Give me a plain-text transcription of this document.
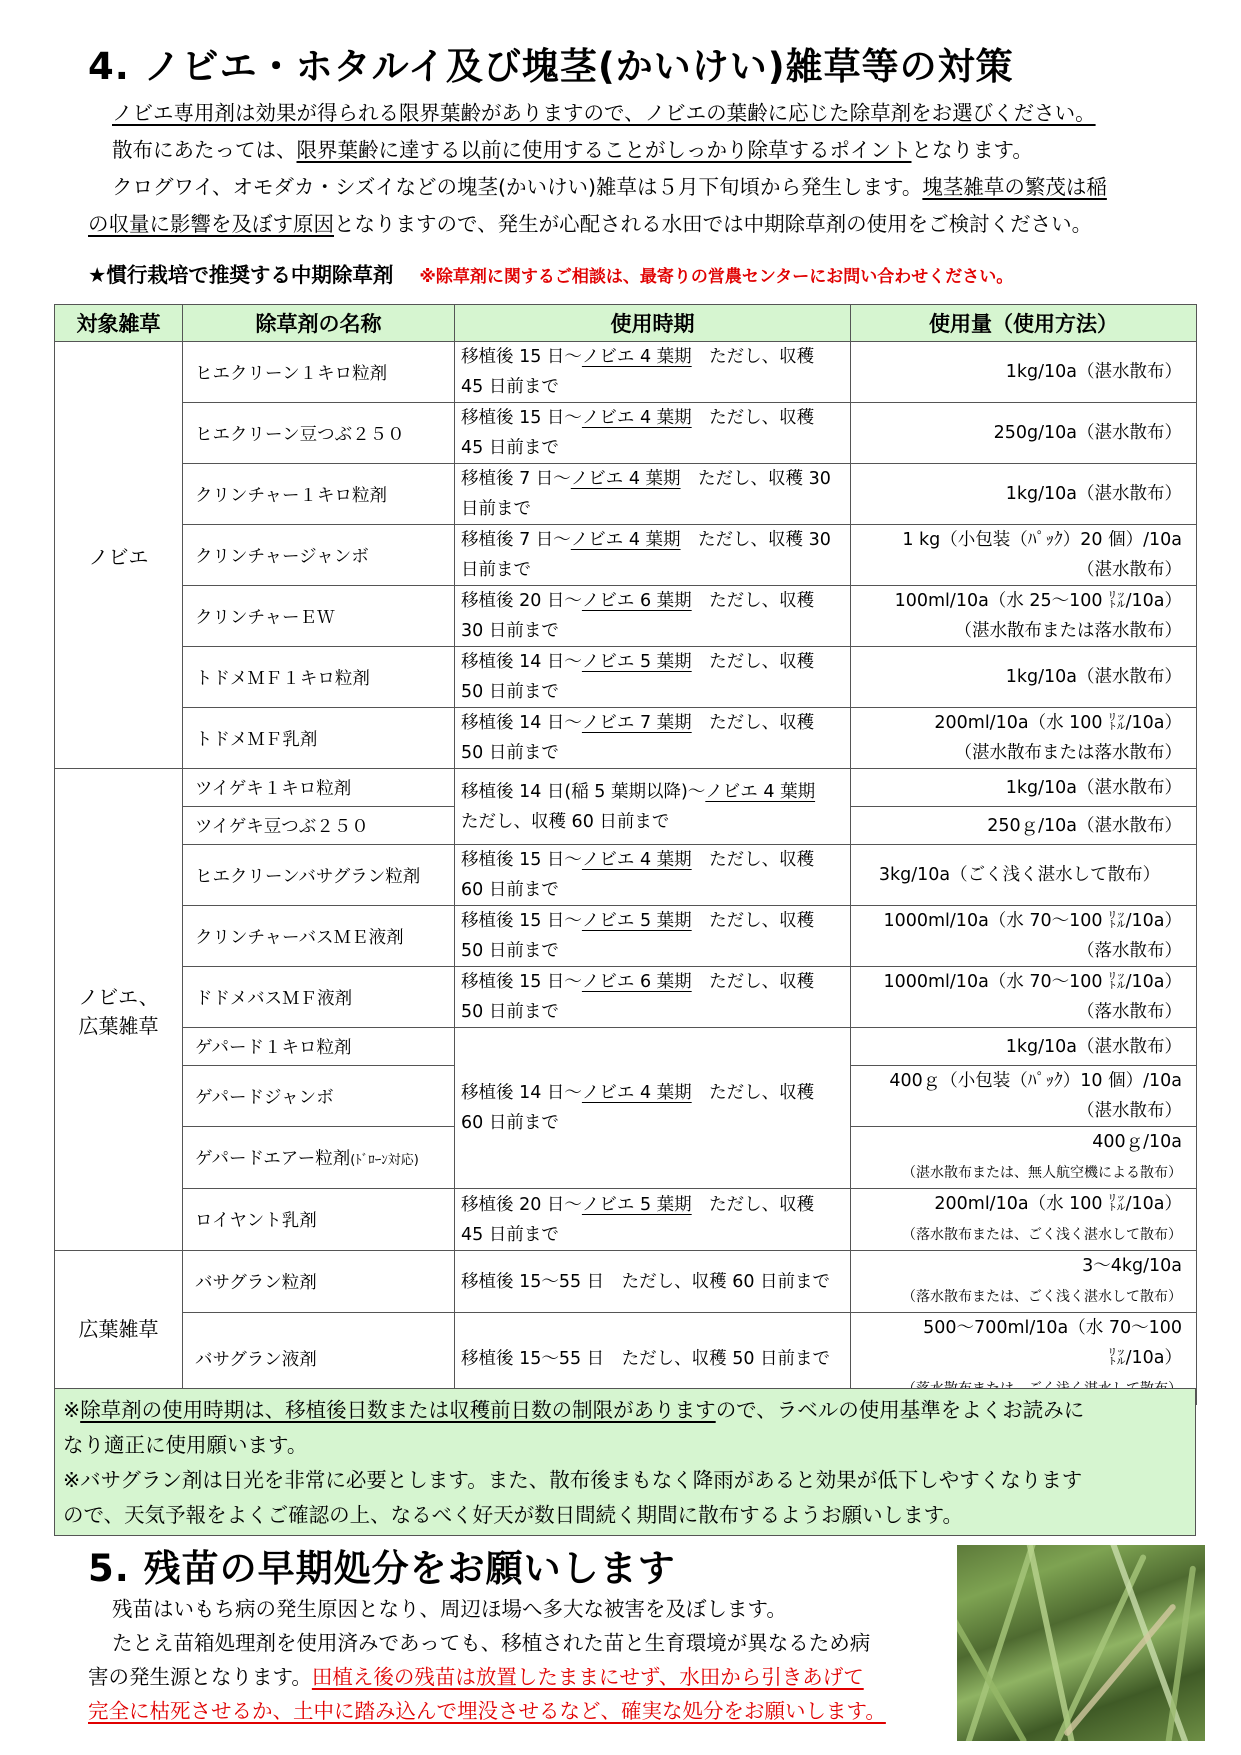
4. ノビエ・ホタルイ及び塊茎(かいけい)雑草等の対策

ノビエ専用剤は効果が得られる限界葉齢がありますので、ノビエの葉齢に応じた除草剤をお選びください。

散布にあたっては、限界葉齢に達する以前に使用することがしっかり除草するポイントとなります。

クログワイ、オモダカ・シズイなどの塊茎(かいけい)雑草は５月下旬頃から発生します。塊茎雑草の繁茂は稲

の収量に影響を及ぼす原因となりますので、発生が心配される水田では中期除草剤の使用をご検討ください。

★慣行栽培で推奨する中期除草剤 ※除草剤に関するご相談は、最寄りの営農センターにお問い合わせください。
対象雑草	除草剤の名称	使用時期	使用量（使用方法）
ノビエ	ヒエクリーン１キロ粒剤	移植後 15 日～ノビエ 4 葉期　ただし、収穫
45 日前まで	1kg/10a（湛水散布）
	ヒエクリーン豆つぶ２５０	移植後 15 日～ノビエ 4 葉期　ただし、収穫
45 日前まで	250g/10a（湛水散布）
	クリンチャー１キロ粒剤	移植後 7 日～ノビエ 4 葉期　ただし、収穫 30
日前まで	1kg/10a（湛水散布）
	クリンチャージャンボ	移植後 7 日～ノビエ 4 葉期　ただし、収穫 30
日前まで	1 kg（小包装（ﾊﾟｯｸ）20 個）/10a
（湛水散布）
	クリンチャーＥＷ	移植後 20 日～ノビエ 6 葉期　ただし、収穫
30 日前まで	100ml/10a（水 25～100 ㍑/10a）
（湛水散布または落水散布）
	トドメＭＦ１キロ粒剤	移植後 14 日～ノビエ 5 葉期　ただし、収穫
50 日前まで	1kg/10a（湛水散布）
	トドメＭＦ乳剤	移植後 14 日～ノビエ 7 葉期　ただし、収穫
50 日前まで	200ml/10a（水 100 ㍑/10a）
（湛水散布または落水散布）
ノビエ、
広葉雑草	ツイゲキ１キロ粒剤	移植後 14 日(稲 5 葉期以降)～ノビエ 4 葉期
ただし、収穫 60 日前まで	1kg/10a（湛水散布）
	ツイゲキ豆つぶ２５０		250ｇ/10a（湛水散布）
	ヒエクリーンバサグラン粒剤	移植後 15 日～ノビエ 4 葉期　ただし、収穫
60 日前まで	3kg/10a（ごく浅く湛水して散布）
	クリンチャーバスＭＥ液剤	移植後 15 日～ノビエ 5 葉期　ただし、収穫
50 日前まで	1000ml/10a（水 70～100 ㍑/10a）
（落水散布）
	ドドメバスＭＦ液剤	移植後 15 日～ノビエ 6 葉期　ただし、収穫
50 日前まで	1000ml/10a（水 70～100 ㍑/10a）
（落水散布）
	ゲパード１キロ粒剤	移植後 14 日～ノビエ 4 葉期　ただし、収穫
60 日前まで	1kg/10a（湛水散布）
	ゲパードジャンボ		400ｇ（小包装（ﾊﾟｯｸ）10 個）/10a
（湛水散布）
	ゲパードエアー粒剤(ﾄﾞﾛｰﾝ対応)		400ｇ/10a
（湛水散布または、無人航空機による散布）
	ロイヤント乳剤	移植後 20 日～ノビエ 5 葉期　ただし、収穫
45 日前まで	200ml/10a（水 100 ㍑/10a）
（落水散布または、ごく浅く湛水して散布）
広葉雑草	バサグラン粒剤	移植後 15～55 日　ただし、収穫 60 日前まで	3～4kg/10a
（落水散布または、ごく浅く湛水して散布）
	バサグラン液剤	移植後 15～55 日　ただし、収穫 50 日前まで	500～700ml/10a（水 70～100 ㍑/10a）

※除草剤の使用時期は、移植後日数または収穫前日数の制限がありますので、ラベルの使用基準をよくお読みに

なり適正に使用願います。

※バサグラン剤は日光を非常に必要とします。また、散布後まもなく降雨があると効果が低下しやすくなります

ので、天気予報をよくご確認の上、なるべく好天が数日間続く期間に散布するようお願いします。

5. 残苗の早期処分をお願いします

残苗はいもち病の発生原因となり、周辺ほ場へ多大な被害を及ぼします。

たとえ苗箱処理剤を使用済みであっても、移植された苗と生育環境が異なるため病

害の発生源となります。田植え後の残苗は放置したままにせず、水田から引きあげて

完全に枯死させるか、土中に踏み込んで埋没させるなど、確実な処分をお願いします。
